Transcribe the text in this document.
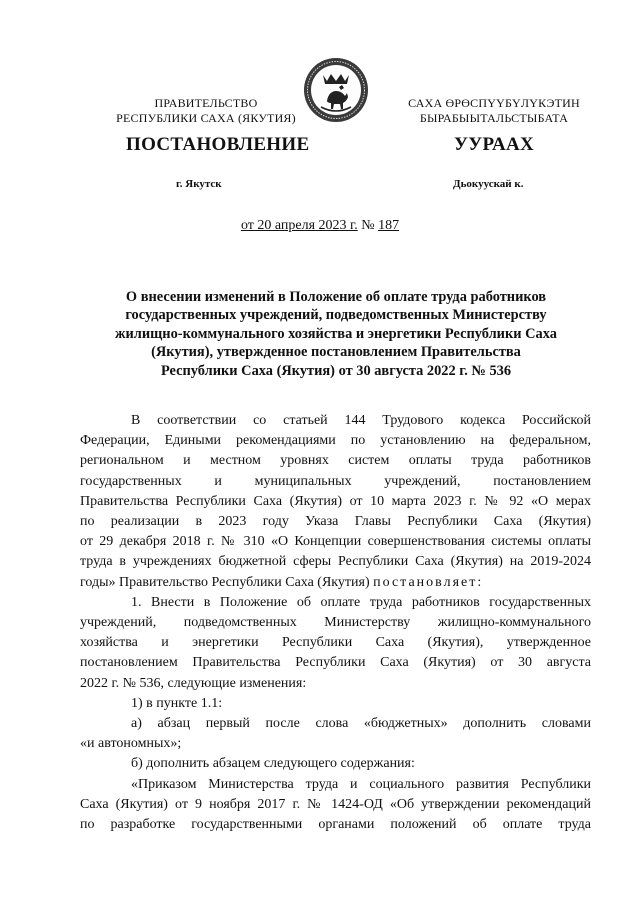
ПРАВИТЕЛЬСТВО
РЕСПУБЛИКИ САХА (ЯКУТИЯ)
САХА ӨРӨСПҮҮБҮЛҮКЭТИН
БЫРАБЫЫТАЛЬСТЫБАТА
ПОСТАНОВЛЕНИЕ	УУРААХ
г. Якутск	Дьокуускай к.
от 20 апреля 2023 г. № 187
О внесении изменений в Положение об оплате труда работников государственных учреждений, подведомственных Министерству жилищно-коммунального хозяйства и энергетики Республики Саха (Якутия), утвержденное постановлением Правительства Республики Саха (Якутия) от 30 августа 2022 г. № 536

В соответствии со статьей 144 Трудового кодекса Российской

Федерации, Едиными рекомендациями по установлению на федеральном,

региональном и местном уровнях систем оплаты труда работников

государственных и муниципальных учреждений, постановлением

Правительства Республики Саха (Якутия) от 10 марта 2023 г. № 92 «О мерах

по реализации в 2023 году Указа Главы Республики Саха (Якутия)

от 29 декабря 2018 г. № 310 «О Концепции совершенствования системы оплаты

труда в учреждениях бюджетной сферы Республики Саха (Якутия) на 2019-2024

годы» Правительство Республики Саха (Якутия) постановляет:

1. Внести в Положение об оплате труда работников государственных

учреждений, подведомственных Министерству жилищно-коммунального

хозяйства и энергетики Республики Саха (Якутия), утвержденное

постановлением Правительства Республики Саха (Якутия) от 30 августа

2022 г. № 536, следующие изменения:

1) в пункте 1.1:

а) абзац первый после слова «бюджетных» дополнить словами

«и автономных»;

б) дополнить абзацем следующего содержания:

«Приказом Министерства труда и социального развития Республики

Саха (Якутия) от 9 ноября 2017 г. № 1424-ОД «Об утверждении рекомендаций

по разработке государственными органами положений об оплате труда
